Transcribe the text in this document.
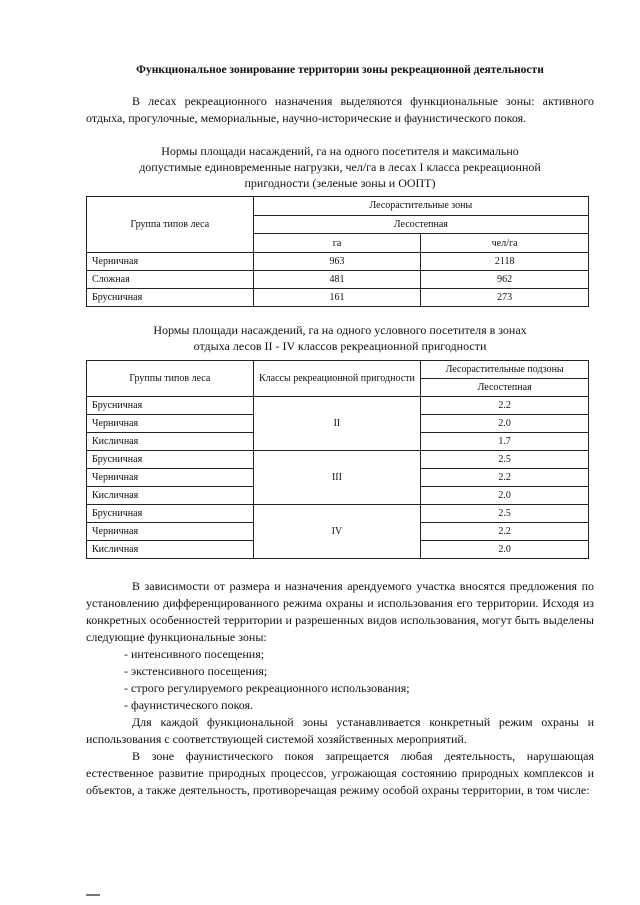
Функциональное зонирование территории зоны рекреационной деятельности

В лесах рекреационного назначения выделяются функциональные зоны: активного отдыха, прогулочные, мемориальные, научно-исторические и фаунистического покоя.

Нормы площади насаждений, га на одного посетителя и максимально допустимые единовременные нагрузки, чел/га в лесах I класса рекреационной пригодности (зеленые зоны и ООПТ)
Группа типов леса	Лесорастительные зоны	
	Лесостепная	
	га	чел/га
Черничная	963	2118
Сложная	481	962
Брусничная	161	273
Нормы площади насаждений, га на одного условного посетителя в зонах отдыха лесов II - IV классов рекреационной пригодности
Группы типов леса	Классы рекреационной пригодности	Лесорастительные подзоны
		Лесостепная
Брусничная	II	2.2
Черничная		2.0
Кисличная		1.7
Брусничная	III	2.5
Черничная		2.2
Кисличная		2.0
Брусничная	IV	2.5
Черничная		2.2
Кисличная		2.0

В зависимости от размера и назначения арендуемого участка вносятся предложения по установлению дифференцированного режима охраны и использования его территории. Исходя из конкретных особенностей территории и разрешенных видов использования, могут быть выделены следующие функциональные зоны:

- интенсивного посещения;
- экстенсивного посещения;
- строго регулируемого рекреационного использования;
- фаунистического покоя.

Для каждой функциональной зоны устанавливается конкретный режим охраны и использования с соответствующей системой хозяйственных мероприятий.

В зоне фаунистического покоя запрещается любая деятельность, нарушающая естественное развитие природных процессов, угрожающая состоянию природных комплексов и объектов, а также деятельность, противоречащая режиму особой охраны территории, в том числе:
